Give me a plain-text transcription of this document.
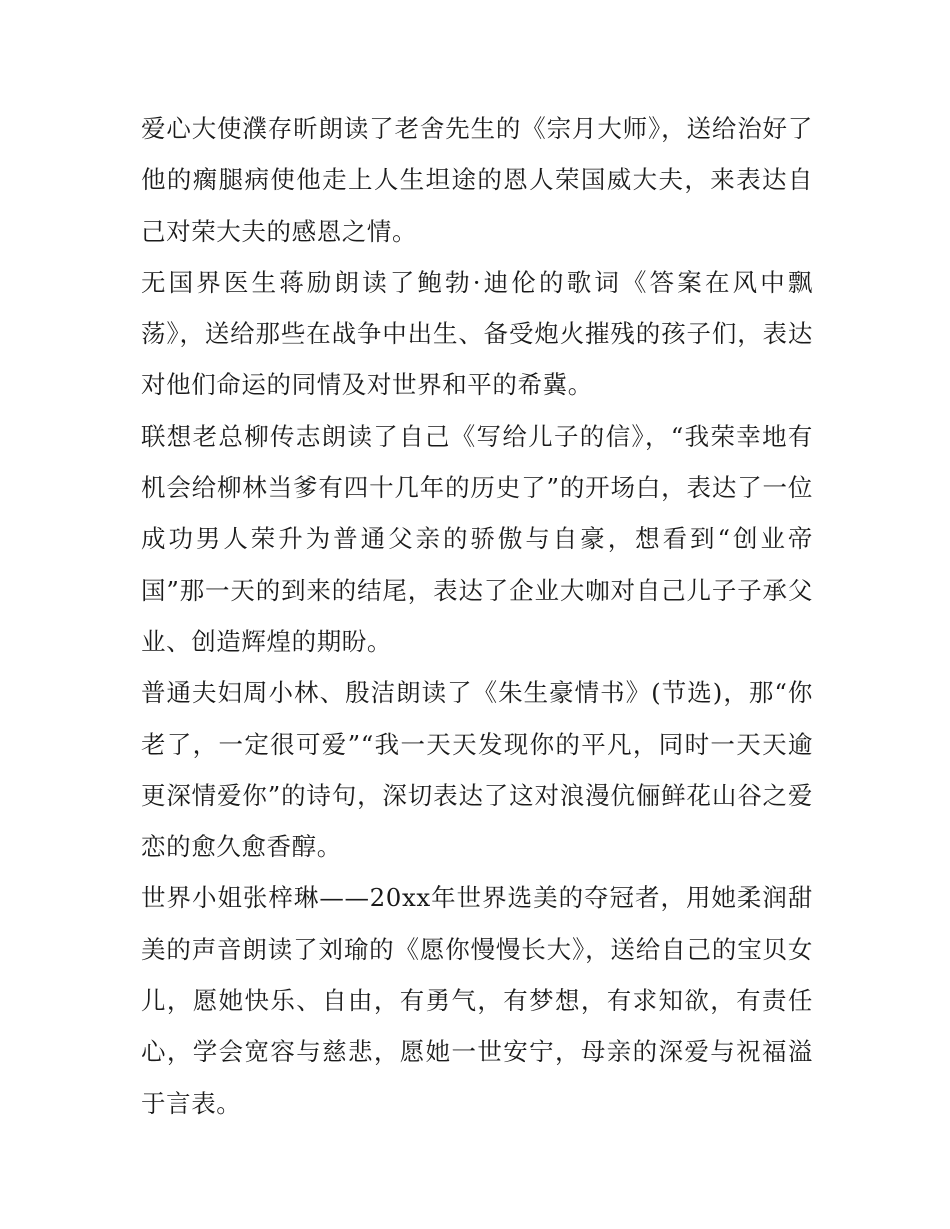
爱心大使濮存昕朗读了老舍先生的《宗月大师》，送给治好了他的瘸腿病使他走上人生坦途的恩人荣国威大夫，来表达自己对荣大夫的感恩之情。

无国界医生蒋励朗读了鲍勃·迪伦的歌词《答案在风中飘荡》，送给那些在战争中出生、备受炮火摧残的孩子们，表达对他们命运的同情及对世界和平的希冀。

联想老总柳传志朗读了自己《写给儿子的信》，“我荣幸地有机会给柳林当爹有四十几年的历史了”的开场白，表达了一位成功男人荣升为普通父亲的骄傲与自豪，想看到“创业帝国”那一天的到来的结尾，表达了企业大咖对自己儿子子承父业、创造辉煌的期盼。

普通夫妇周小林、殷洁朗读了《朱生豪情书》(节选)，那“你老了，一定很可爱”“我一天天发现你的平凡，同时一天天逾更深情爱你”的诗句，深切表达了这对浪漫伉俪鲜花山谷之爱恋的愈久愈香醇。

世界小姐张梓琳——20xx年世界选美的夺冠者，用她柔润甜美的声音朗读了刘瑜的《愿你慢慢长大》，送给自己的宝贝女儿，愿她快乐、自由，有勇气，有梦想，有求知欲，有责任心，学会宽容与慈悲，愿她一世安宁，母亲的深爱与祝福溢于言表。
